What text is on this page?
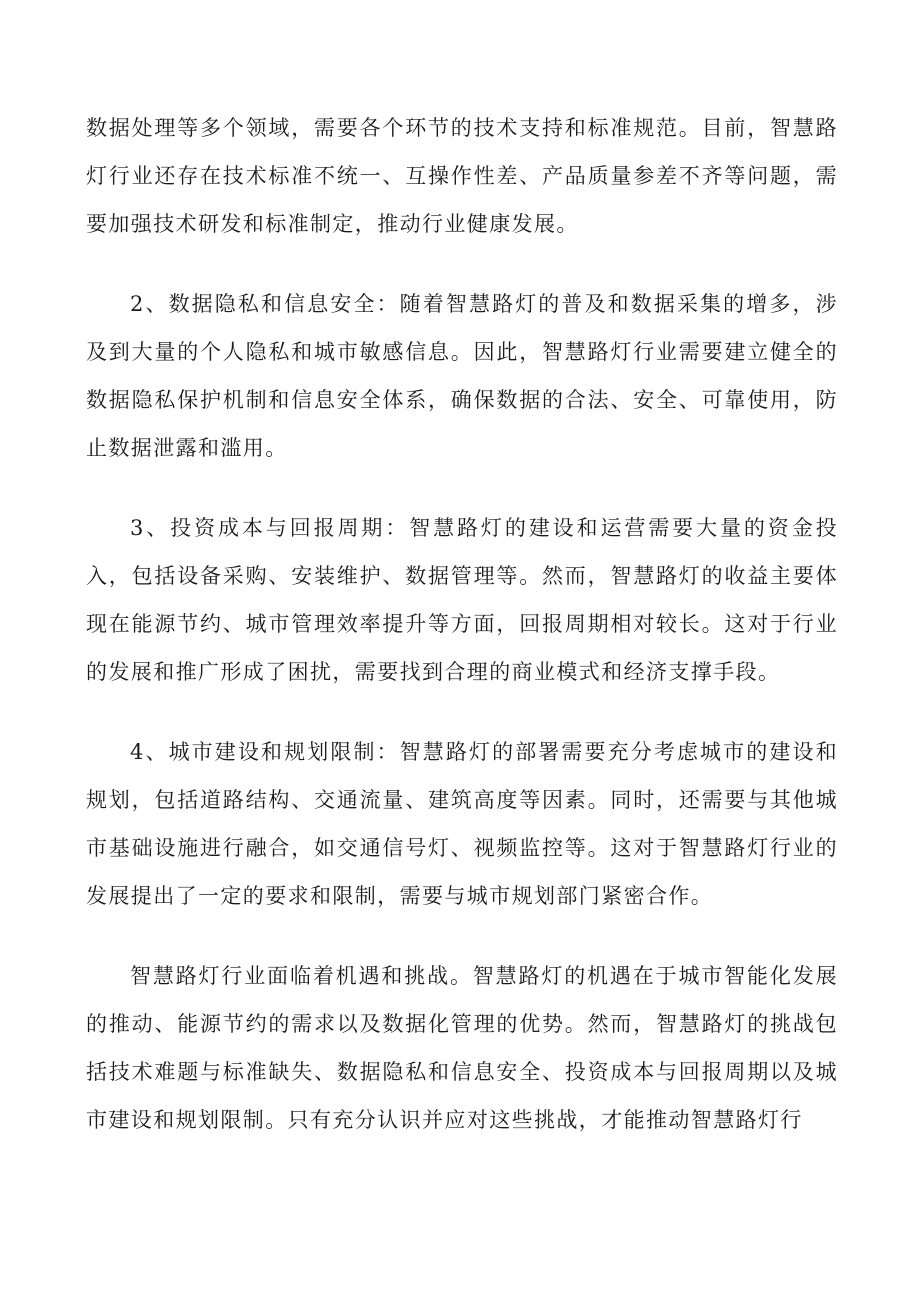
数据处理等多个领域，需要各个环节的技术支持和标准规范。目前，智慧路灯行业还存在技术标准不统一、互操作性差、产品质量参差不齐等问题，需要加强技术研发和标准制定，推动行业健康发展。

2、数据隐私和信息安全：随着智慧路灯的普及和数据采集的增多，涉及到大量的个人隐私和城市敏感信息。因此，智慧路灯行业需要建立健全的数据隐私保护机制和信息安全体系，确保数据的合法、安全、可靠使用，防止数据泄露和滥用。

3、投资成本与回报周期：智慧路灯的建设和运营需要大量的资金投入，包括设备采购、安装维护、数据管理等。然而，智慧路灯的收益主要体现在能源节约、城市管理效率提升等方面，回报周期相对较长。这对于行业的发展和推广形成了困扰，需要找到合理的商业模式和经济支撑手段。

4、城市建设和规划限制：智慧路灯的部署需要充分考虑城市的建设和规划，包括道路结构、交通流量、建筑高度等因素。同时，还需要与其他城市基础设施进行融合，如交通信号灯、视频监控等。这对于智慧路灯行业的发展提出了一定的要求和限制，需要与城市规划部门紧密合作。

智慧路灯行业面临着机遇和挑战。智慧路灯的机遇在于城市智能化发展的推动、能源节约的需求以及数据化管理的优势。然而，智慧路灯的挑战包括技术难题与标准缺失、数据隐私和信息安全、投资成本与回报周期以及城市建设和规划限制。只有充分认识并应对这些挑战，才能推动智慧路灯行
